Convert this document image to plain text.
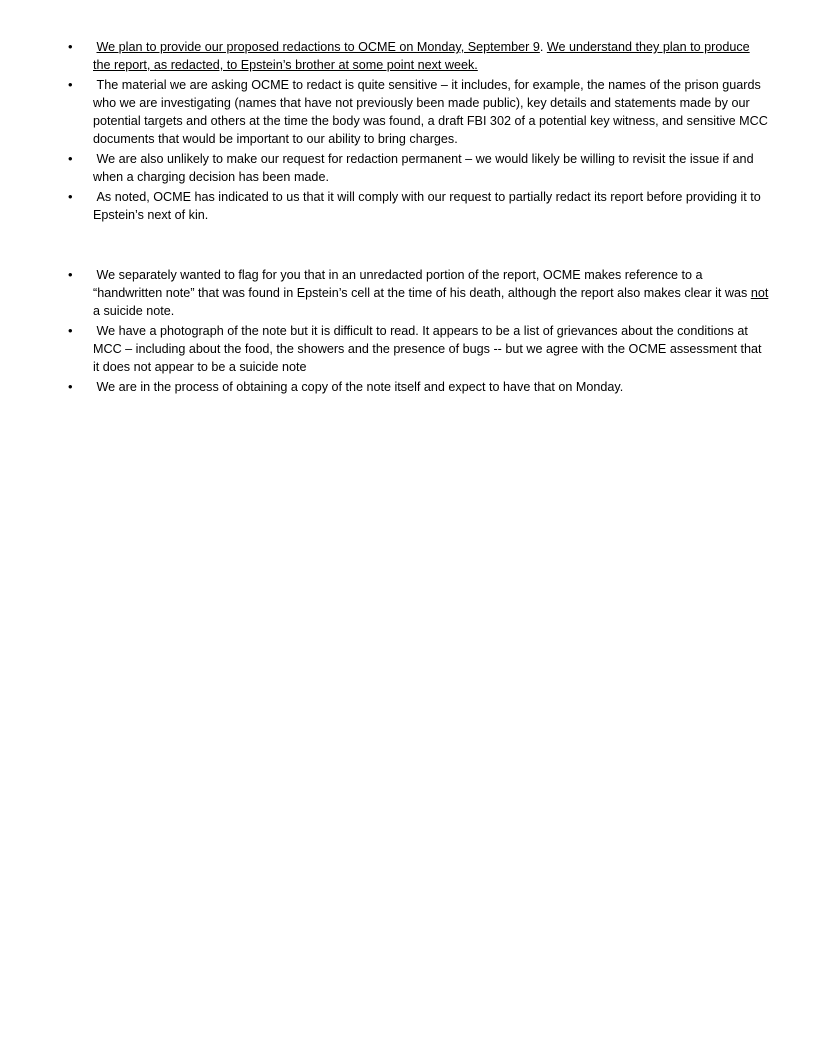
•	We plan to provide our proposed redactions to OCME on Monday, September 9. We understand they plan to produce the report, as redacted, to Epstein’s brother at some point next week.
•	The material we are asking OCME to redact is quite sensitive – it includes, for example, the names of the prison guards who we are investigating (names that have not previously been made public), key details and statements made by our potential targets and others at the time the body was found, a draft FBI 302 of a potential key witness, and sensitive MCC documents that would be important to our ability to bring charges.
•	We are also unlikely to make our request for redaction permanent – we would likely be willing to revisit the issue if and when a charging decision has been made.
•	As noted, OCME has indicated to us that it will comply with our request to partially redact its report before providing it to Epstein’s next of kin.
•	We separately wanted to flag for you that in an unredacted portion of the report, OCME makes reference to a “handwritten note” that was found in Epstein’s cell at the time of his death, although the report also makes clear it was not a suicide note.
•	We have a photograph of the note but it is difficult to read. It appears to be a list of grievances about the conditions at MCC – including about the food, the showers and the presence of bugs -- but we agree with the OCME assessment that it does not appear to be a suicide note
•	We are in the process of obtaining a copy of the note itself and expect to have that on Monday.
